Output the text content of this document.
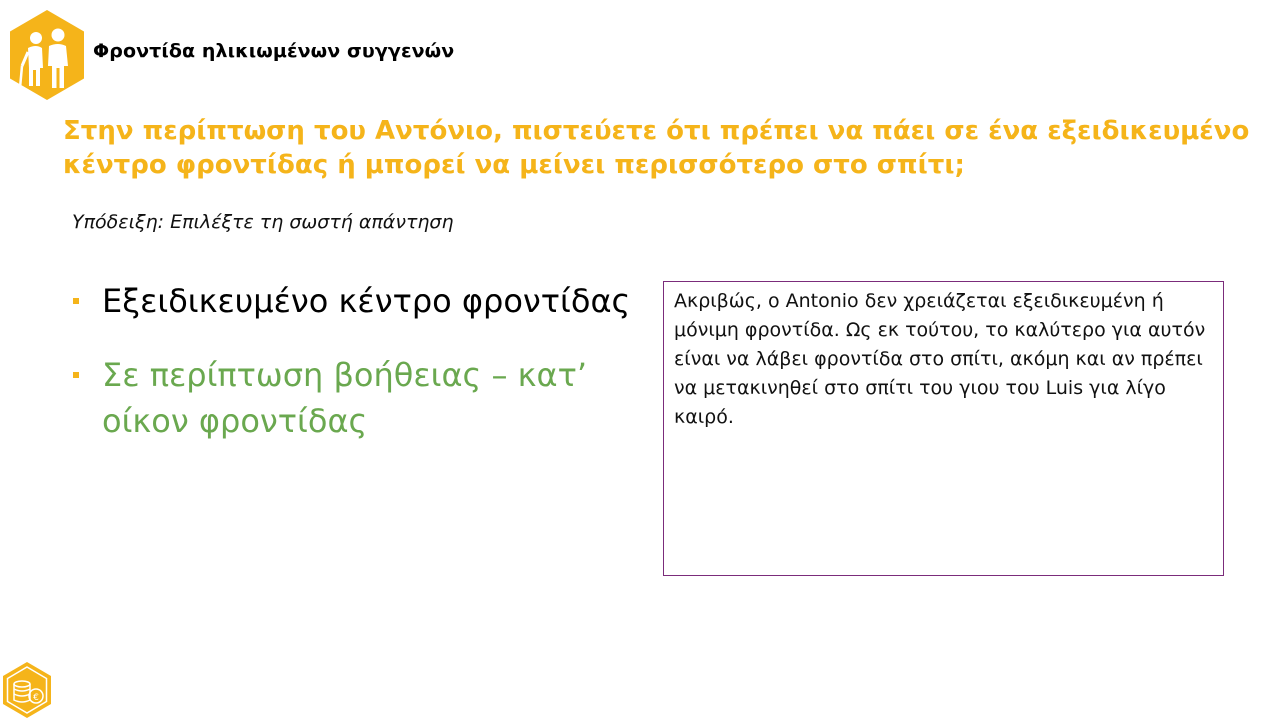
Φροντίδα ηλικιωμένων συγγενών
Στην περίπτωση του Αντόνιο, πιστεύετε ότι πρέπει να πάει σε ένα εξειδικευμένο κέντρο φροντίδας ή μπορεί να μείνει περισσότερο στο σπίτι;
Υπόδειξη: Επιλέξτε τη σωστή απάντηση
Εξειδικευμένο κέντρο φροντίδας
Σε περίπτωση βοήθειας – κατ’ οίκον φροντίδας
Ακριβώς, ο Antonio δεν χρειάζεται εξειδικευμένη ή μόνιμη φροντίδα. Ως εκ τούτου, το καλύτερο για αυτόν είναι να λάβει φροντίδα στο σπίτι, ακόμη και αν πρέπει να μετακινηθεί στο σπίτι του γιου του Luis για λίγο καιρό.
€
